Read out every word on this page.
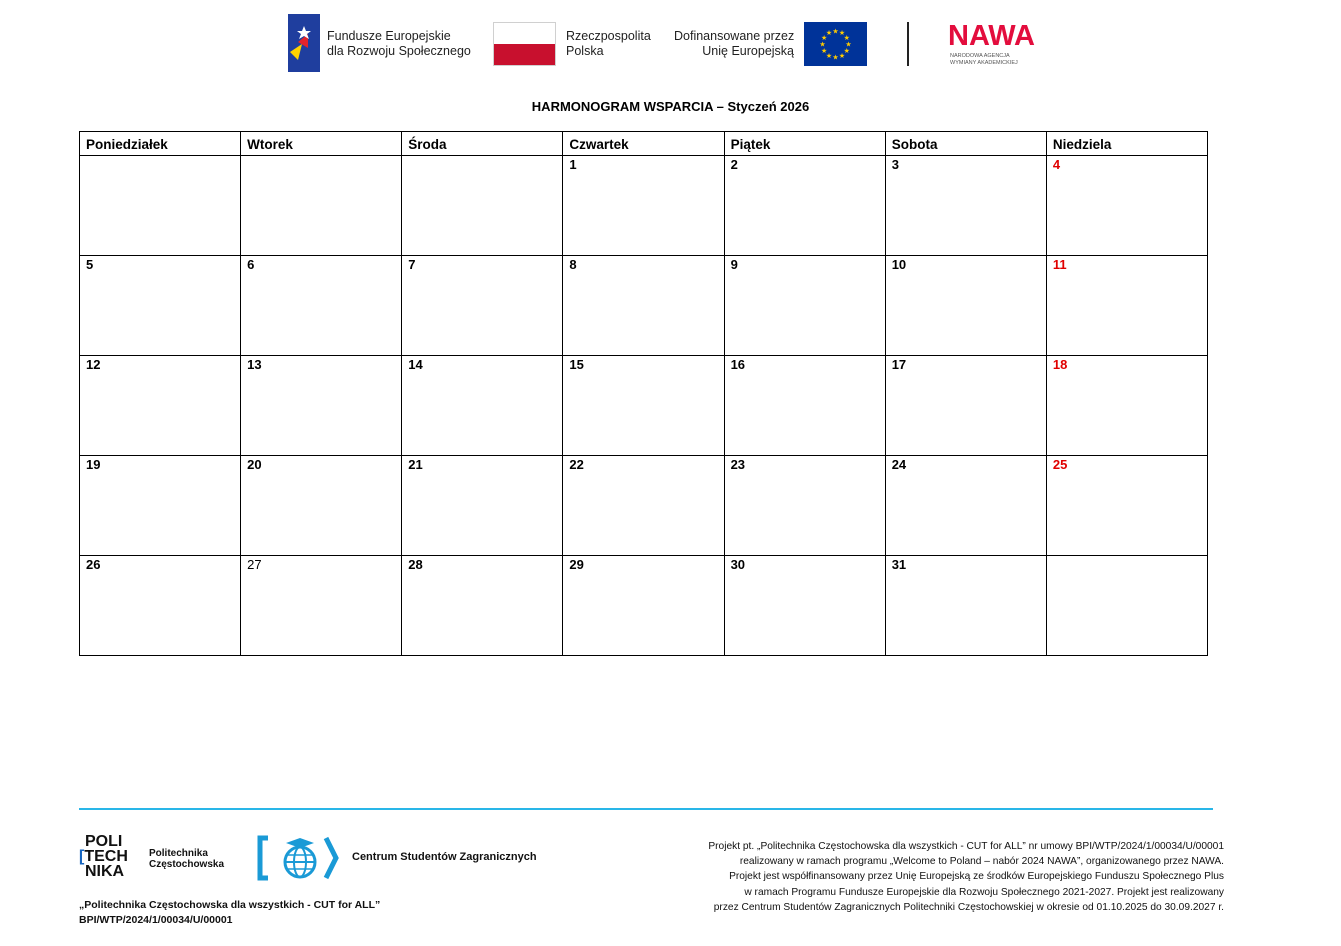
Fundusze Europejskie
dla Rozwoju Społecznego
Rzeczpospolita
Polska
Dofinansowane przez
Unię Europejską
★ ★
★
★
★
★
★
★
★
★
★
★	NAWA
NARODOWA AGENCJA
WYMIANY AKADEMICKIEJ
HARMONOGRAM WSPARCIA – Styczeń 2026
Poniedziałek	Wtorek	Środa	Czwartek	Piątek	Sobota	Niedziela
			1	2	3	4
5	6	7	8	9	10	11
12	13	14	15	16	17	18
19	20	21	22	23	24	25
26	27	28	29	30	31	
POLI
[TECH
NIKA
Politechnika
Częstochowska
Centrum Studentów Zagranicznych
„Politechnika Częstochowska dla wszystkich - CUT for ALL”
BPI/WTP/2024/1/00034/U/00001
Projekt pt. „Politechnika Częstochowska dla wszystkich - CUT for ALL” nr umowy BPI/WTP/2024/1/00034/U/00001
realizowany w ramach programu „Welcome to Poland – nabór 2024 NAWA”, organizowanego przez NAWA.
Projekt jest współfinansowany przez Unię Europejską ze środków Europejskiego Funduszu Społecznego Plus
w ramach Programu Fundusze Europejskie dla Rozwoju Społecznego 2021-2027. Projekt jest realizowany
przez Centrum Studentów Zagranicznych Politechniki Częstochowskiej w okresie od 01.10.2025 do 30.09.2027 r.
